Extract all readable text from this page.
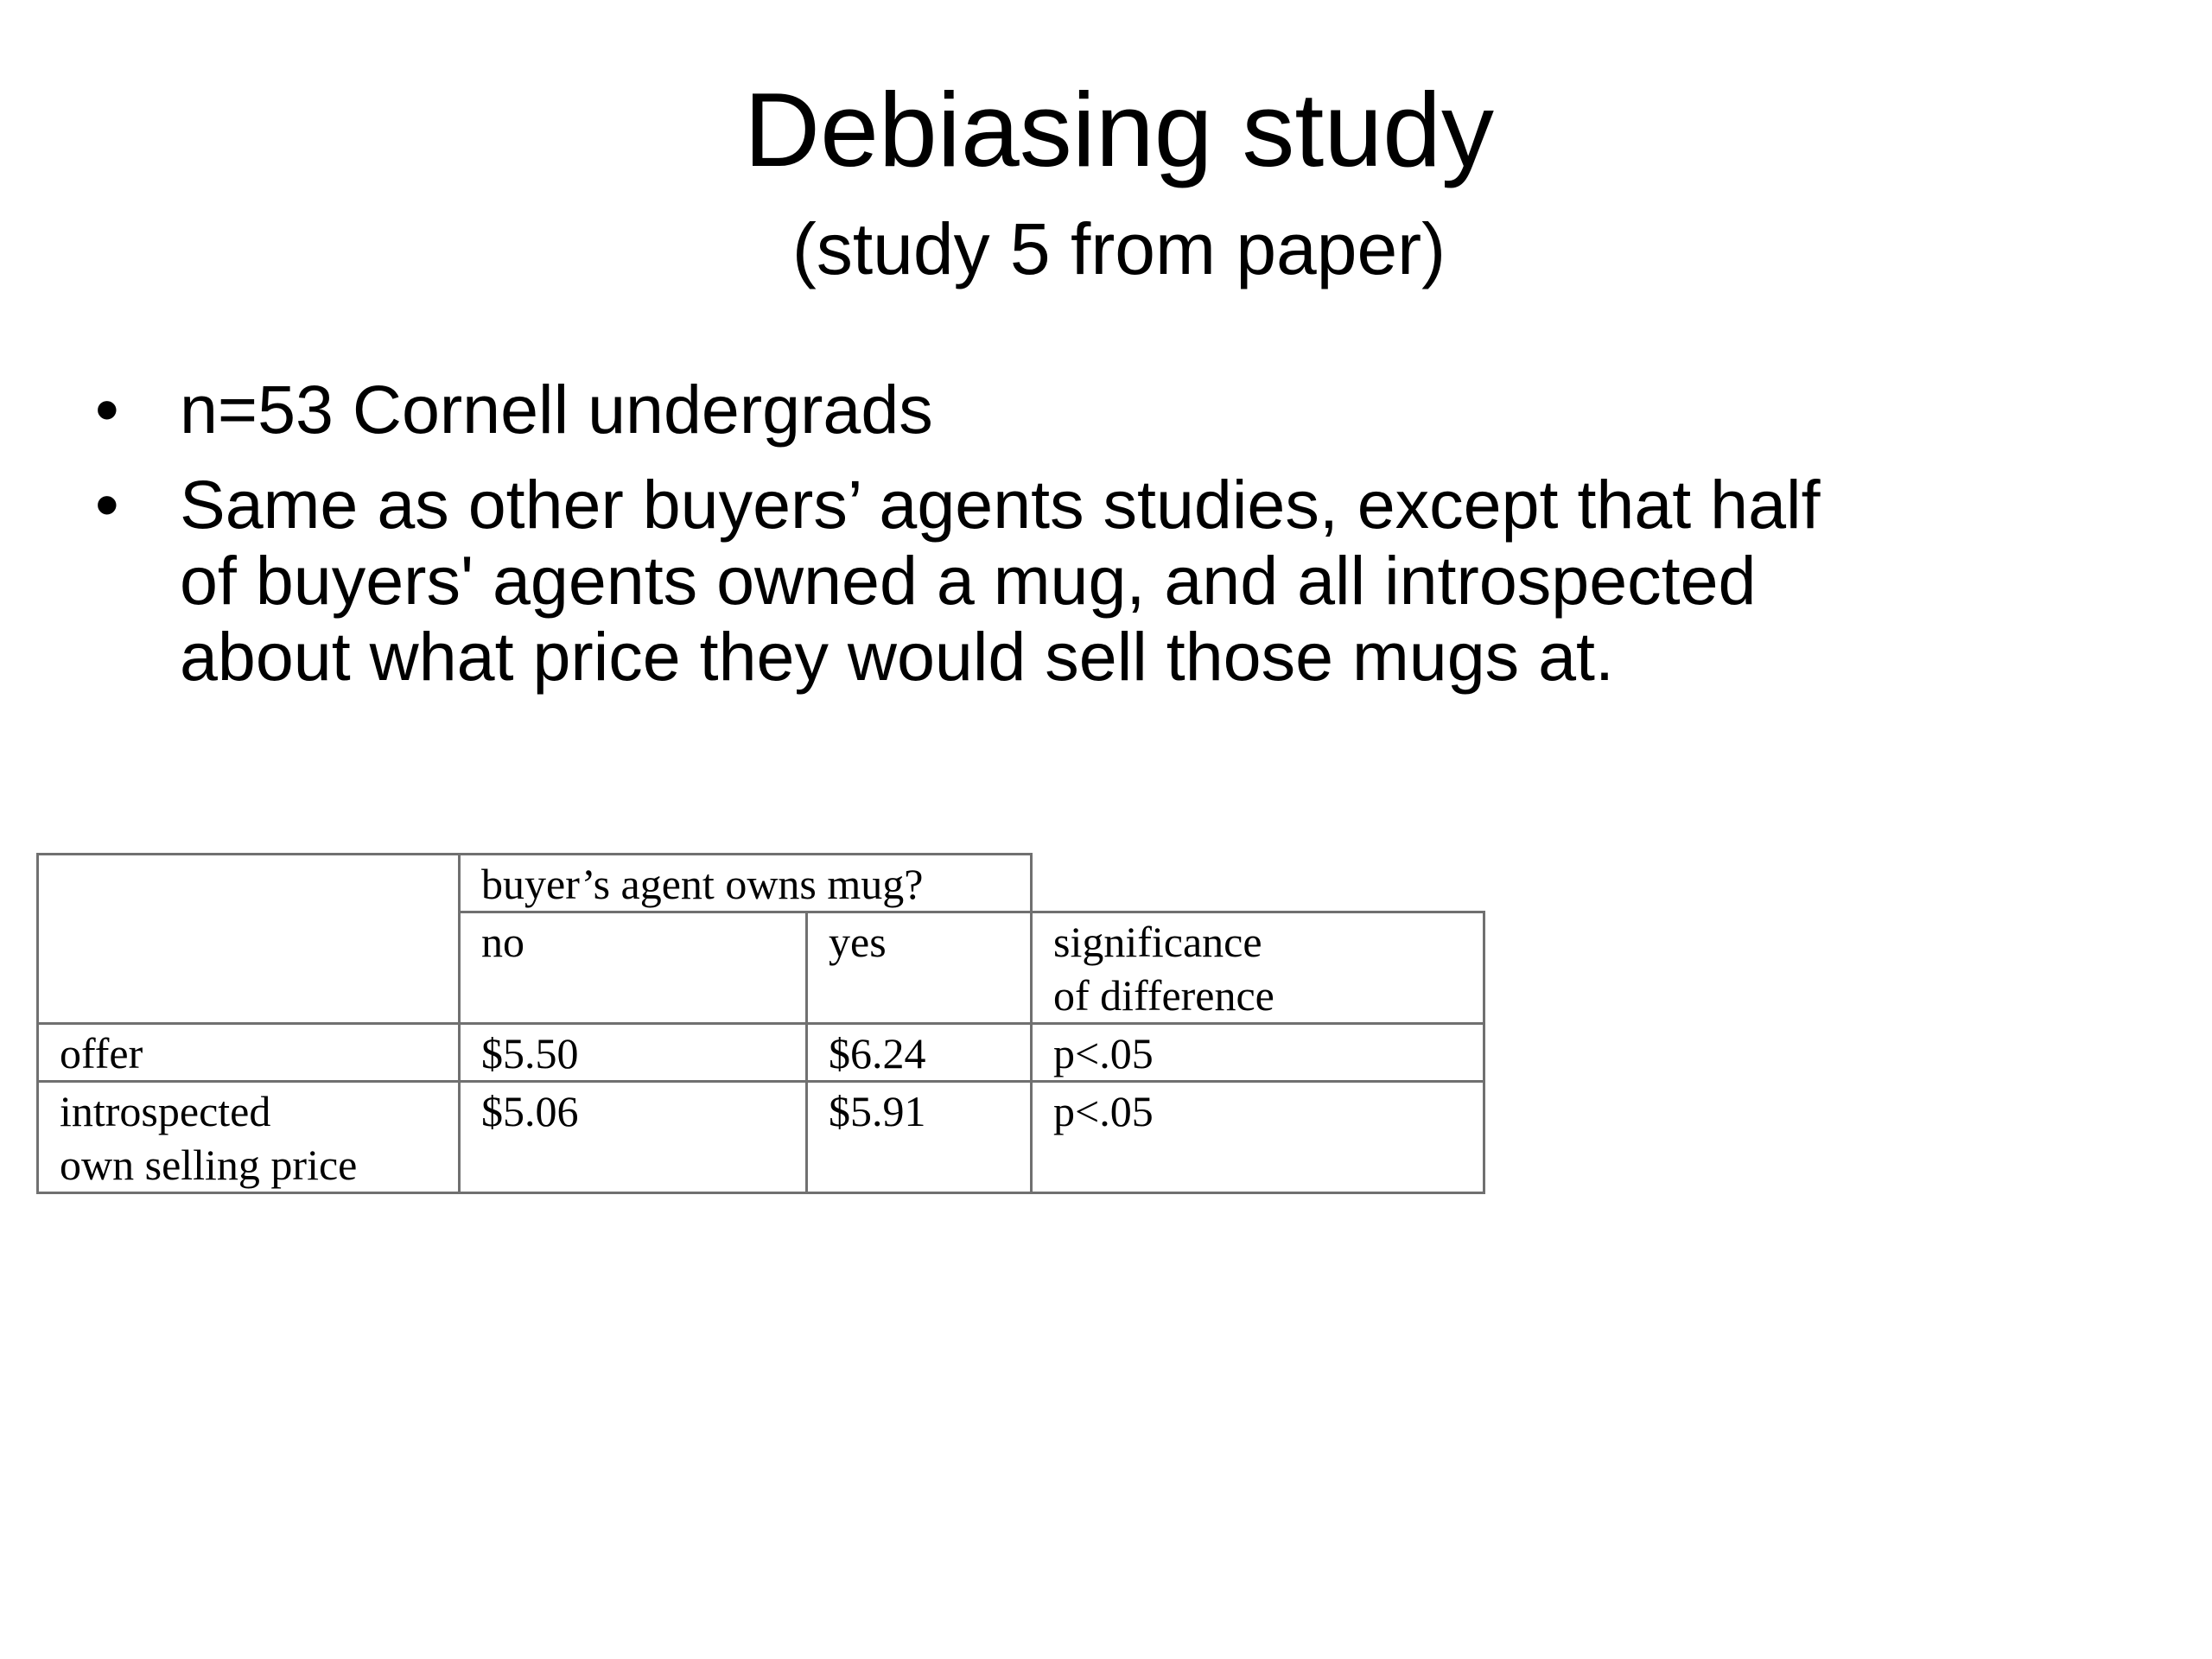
Debiasing study
(study 5 from paper)
• n=53 Cornell undergrads
• Same as other buyers’ agents studies, except that half
of buyers' agents owned a mug, and all introspected
about what price they would sell those mugs at.
	buyer’s agent owns mug?		
	no	yes	significance
of difference

offer	$5.50	$6.24	p<.05

introspected
own selling price	$5.06	$5.91	p<.05
